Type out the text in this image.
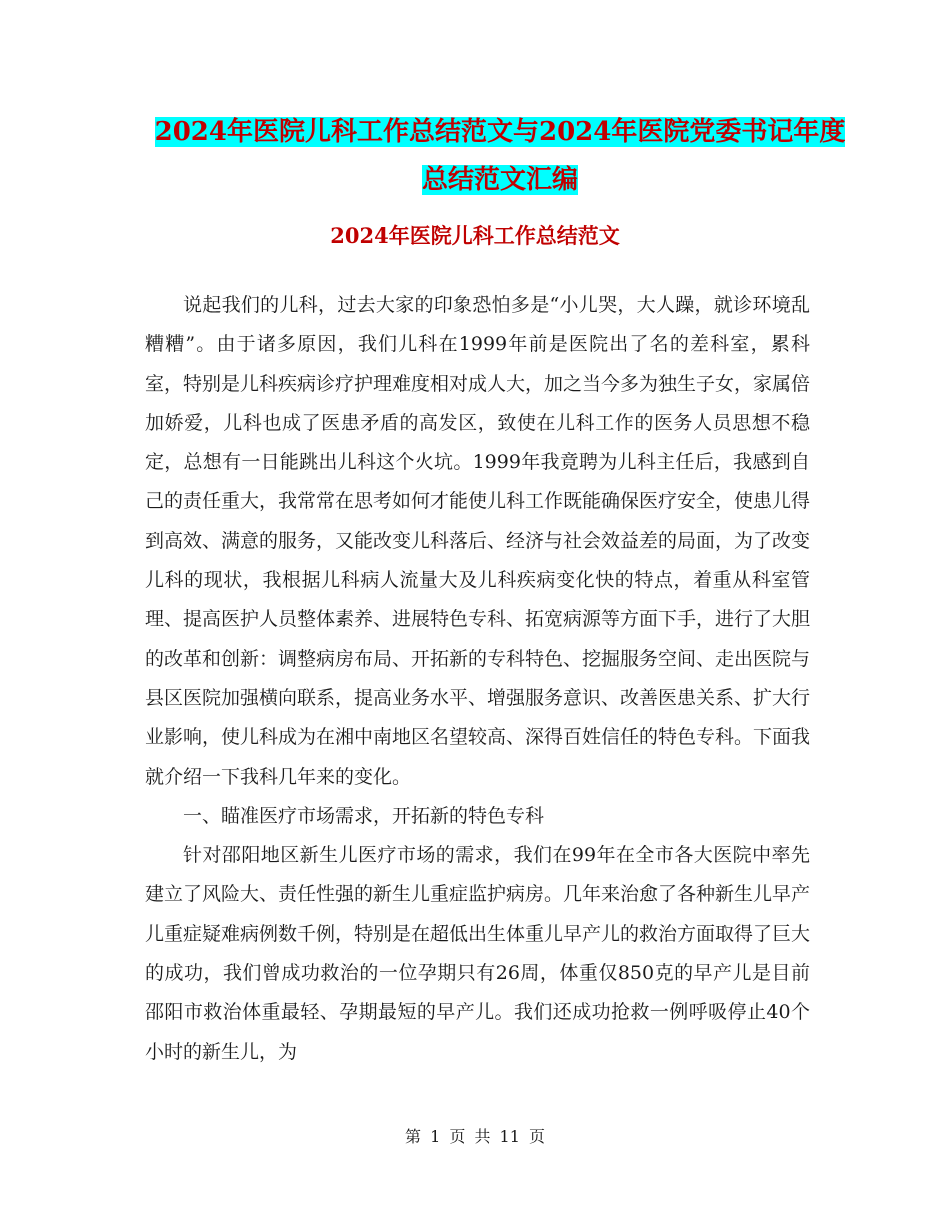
2024年医院儿科工作总结范文与2024年医院党委书记年度总结范文汇编
2024年医院儿科工作总结范文

说起我们的儿科，过去大家的印象恐怕多是“小儿哭，大人躁，就诊环境乱糟糟”。由于诸多原因，我们儿科在1999年前是医院出了名的差科室，累科室，特别是儿科疾病诊疗护理难度相对成人大，加之当今多为独生子女，家属倍加娇爱，儿科也成了医患矛盾的高发区，致使在儿科工作的医务人员思想不稳定，总想有一日能跳出儿科这个火坑。1999年我竟聘为儿科主任后，我感到自己的责任重大，我常常在思考如何才能使儿科工作既能确保医疗安全，使患儿得到高效、满意的服务，又能改变儿科落后、经济与社会效益差的局面，为了改变儿科的现状，我根据儿科病人流量大及儿科疾病变化快的特点，着重从科室管理、提高医护人员整体素养、进展特色专科、拓宽病源等方面下手，进行了大胆的改革和创新：调整病房布局、开拓新的专科特色、挖掘服务空间、走出医院与县区医院加强横向联系，提高业务水平、增强服务意识、改善医患关系、扩大行业影响，使儿科成为在湘中南地区名望较高、深得百姓信任的特色专科。下面我就介绍一下我科几年来的变化。

一、瞄准医疗市场需求，开拓新的特色专科

针对邵阳地区新生儿医疗市场的需求，我们在99年在全市各大医院中率先建立了风险大、责任性强的新生儿重症监护病房。几年来治愈了各种新生儿早产儿重症疑难病例数千例，特别是在超低出生体重儿早产儿的救治方面取得了巨大的成功，我们曾成功救治的一位孕期只有26周，体重仅850克的早产儿是目前邵阳市救治体重最轻、孕期最短的早产儿。我们还成功抢救一例呼吸停止40个小时的新生儿，为

第 1 页 共 11 页
